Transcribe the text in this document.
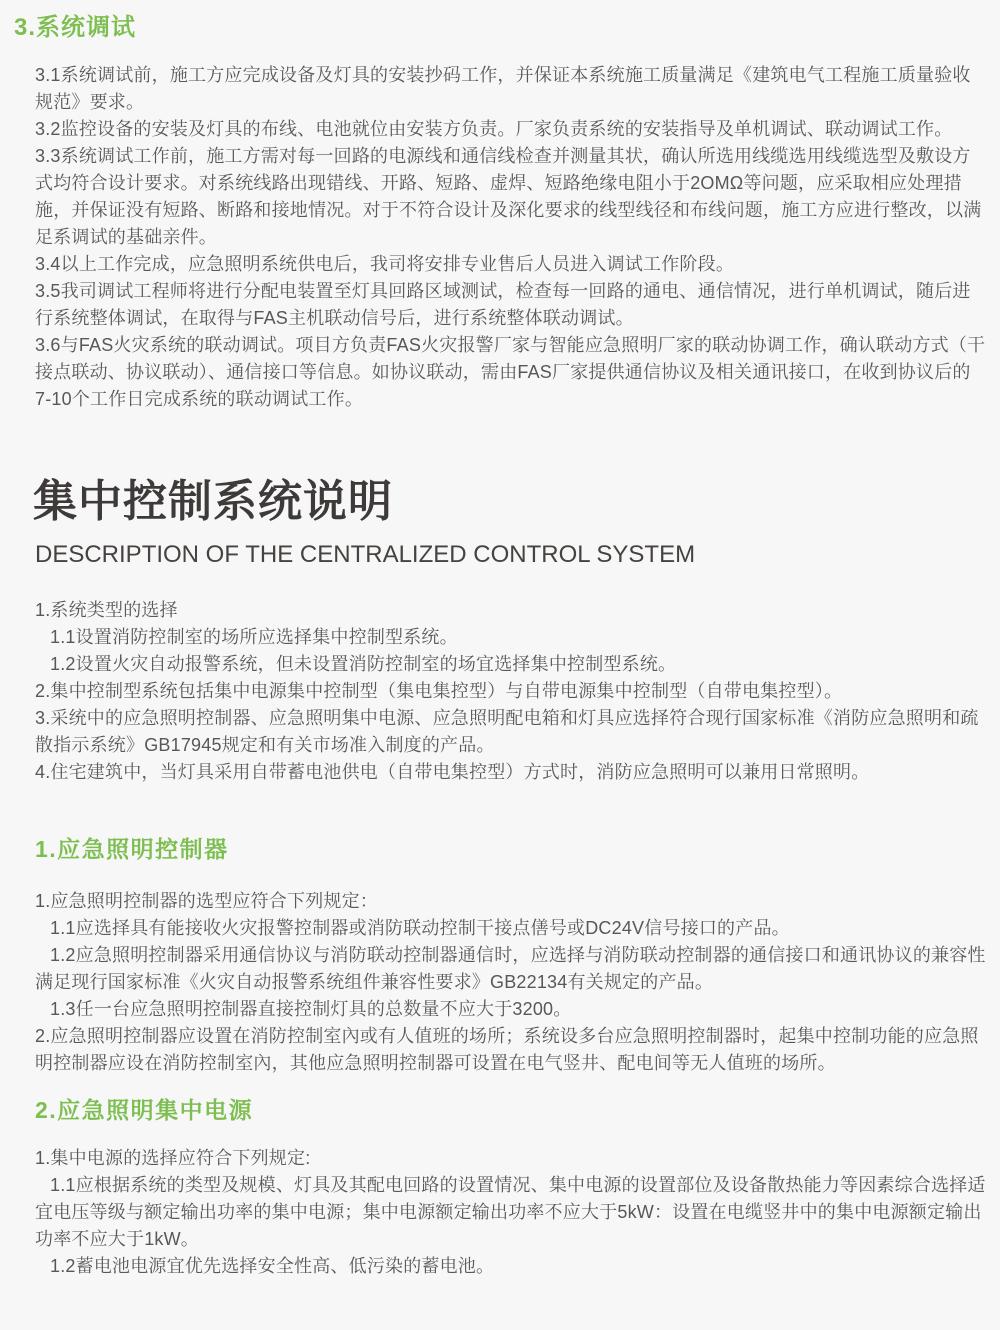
3.系统调试

3.1系统调试前，施工方应完成设备及灯具的安装抄码工作，并保证本系统施工质量满足《建筑电气工程施工质量验收规范》要求。

3.2监控设备的安装及灯具的布线、电池就位由安装方负责。厂家负责系统的安装指导及单机调试、联动调试工作。

3.3系统调试工作前，施工方需对每一回路的电源线和通信线检查并测量其状，确认所选用线缆选用线缆选型及敷设方式均符合设计要求。对系统线路出现错线、开路、短路、虚焊、短路绝缘电阻小于2OMΩ等问题，应采取相应处理措施，并保证没有短路、断路和接地情况。对于不符合设计及深化要求的线型线径和布线问题，施工方应进行整改，以满足系调试的基础亲件。

3.4以上工作完成，应急照明系统供电后，我司将安排专业售后人员进入调试工作阶段。

3.5我司调试工程师将进行分配电装置至灯具回路区域测试，检查每一回路的通电、通信情况，进行单机调试，随后进行系统整体调试，在取得与FAS主机联动信号后，进行系统整体联动调试。

3.6与FAS火灾系统的联动调试。项目方负责FAS火灾报警厂家与智能应急照明厂家的联动协调工作，确认联动方式（干接点联动、协议联动）、通信接口等信息。如协议联动，需由FAS厂家提供通信协议及相关通讯接口，在收到协议后的7-10个工作日完成系统的联动调试工作。

集中控制系统说明
DESCRIPTION OF THE CENTRALIZED CONTROL SYSTEM

1.系统类型的选择

1.1设置消防控制室的场所应选择集中控制型系统。

1.2设置火灾自动报警系统，但未设置消防控制室的场宜选择集中控制型系统。

2.集中控制型系统包括集中电源集中控制型（集电集控型）与自带电源集中控制型（自带电集控型）。

3.采统中的应急照明控制器、应急照明集中电源、应急照明配电箱和灯具应选择符合现行国家标准《消防应急照明和疏散指示系统》GB17945规定和有关市场准入制度的产品。

4.住宅建筑中，当灯具采用自带蓄电池供电（自带电集控型）方式时，消防应急照明可以兼用日常照明。

1.应急照明控制器

1.应急照明控制器的选型应符合下列规定：

1.1应选择具有能接收火灾报警控制器或消防联动控制干接点僐号或DC24V信号接口的产品。

1.2应急照明控制器采用通信协议与消防联动控制器通信时，应选择与消防联动控制器的通信接口和通讯协议的兼容性满足现行国家标准《火灾自动报警系统组件兼容性要求》GB22134有关规定的产品。

1.3任一台应急照明控制器直接控制灯具的总数量不应大于3200。

2.应急照明控制器应设置在消防控制室內或有人值班的场所；系统设多台应急照明控制器时，起集中控制功能的应急照明控制器应设在消防控制室內，其他应急照明控制器可设置在电气竖井、配电间等无人值班的场所。

2.应急照明集中电源

1.集中电源的选择应符合下列规定:

1.1应根据系统的类型及规模、灯具及其配电回路的设置情况、集中电源的设置部位及设备散热能力等因素综合选择适宜电压等级与额定输出功率的集中电源；集中电源额定输出功率不应大于5kW：设置在电缆竖井中的集中电源额定输出功率不应大于1kW。

1.2蓄电池电源宜优先选择安全性高、低污染的蓄电池。
